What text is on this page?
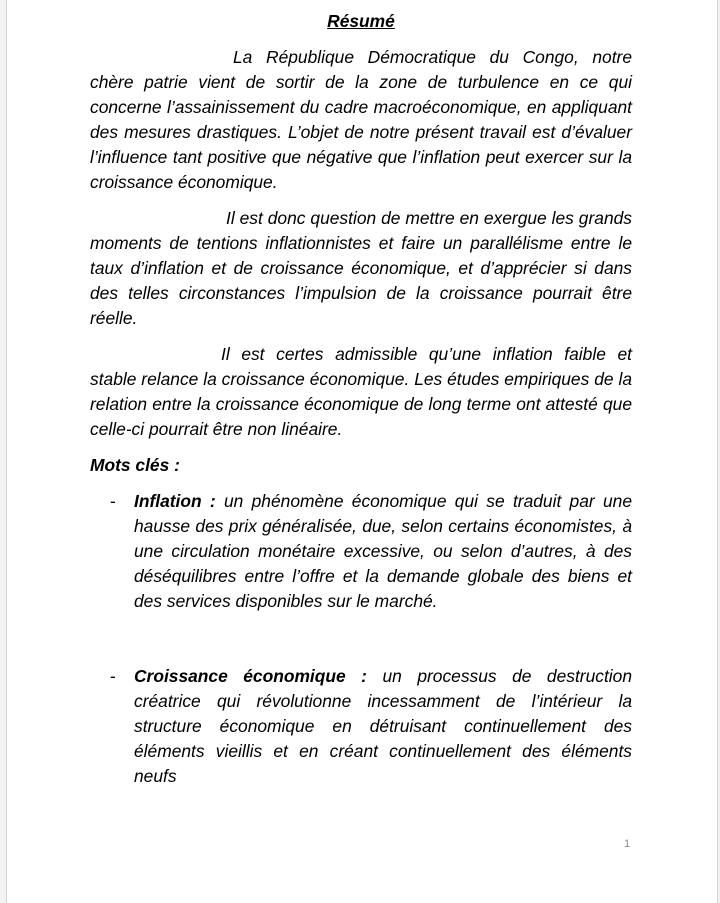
Résumé

La République Démocratique du Congo, notre chère patrie vient de sortir de la zone de turbulence en ce qui concerne l’assainissement du cadre macroéconomique, en appliquant des mesures drastiques. L’objet de notre présent travail est d’évaluer l’influence tant positive que négative que l’inflation peut exercer sur la croissance économique.

Il est donc question de mettre en exergue les grands moments de tentions inflationnistes et faire un parallélisme entre le taux d’inflation et de croissance économique, et d’apprécier si dans des telles circonstances l’impulsion de la croissance pourrait être réelle.

Il est certes admissible qu’une inflation faible et stable relance la croissance économique. Les études empiriques de la relation entre la croissance économique de long terme ont attesté que celle-ci pourrait être non linéaire.

Mots clés :
- Inflation : un phénomène économique qui se traduit par une hausse des prix généralisée, due, selon certains économistes, à une circulation monétaire excessive, ou selon d’autres, à des déséquilibres entre l’offre et la demande globale des biens et des services disponibles sur le marché.
- Croissance économique : un processus de destruction créatrice qui révolutionne incessamment de l’intérieur la structure économique en détruisant continuellement des éléments vieillis et en créant continuellement des éléments neufs
1
